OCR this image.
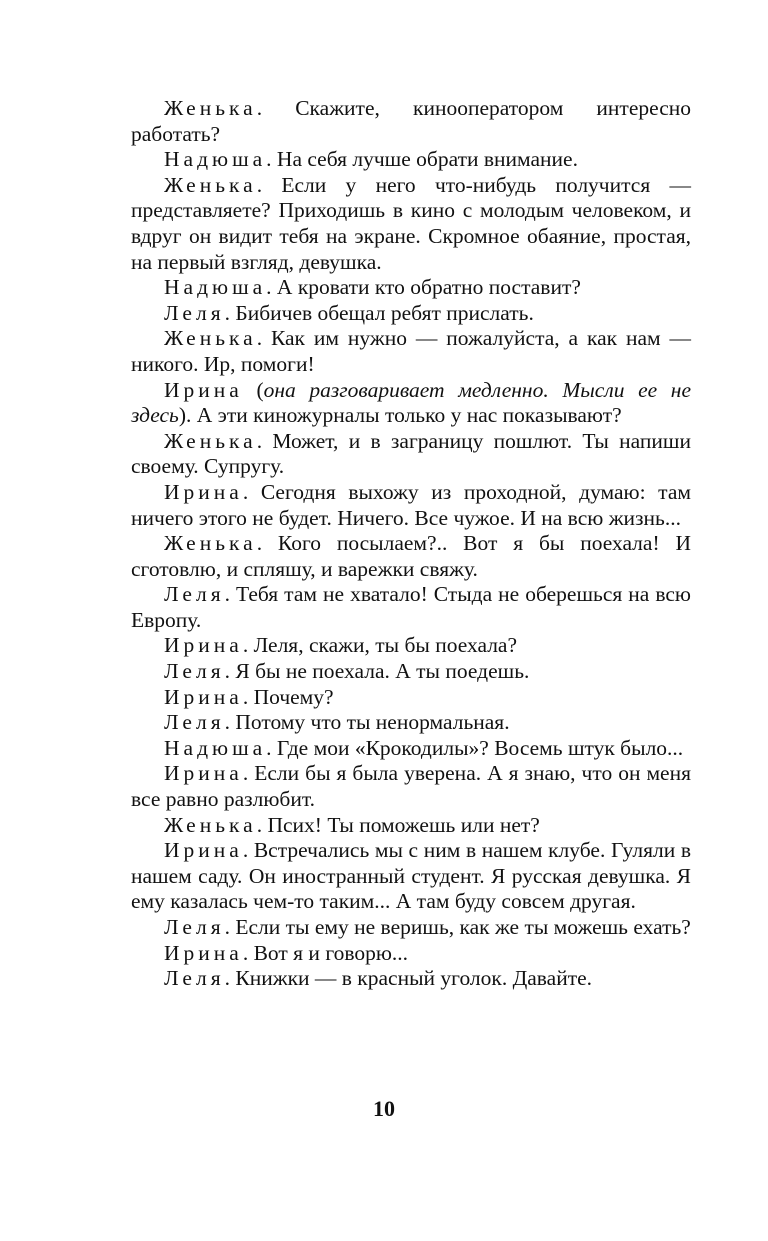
Женька. Скажите, кинооператором интересно работать?

Надюша. На себя лучше обрати внимание.

Женька. Если у него что-нибудь получится — представляете? Приходишь в кино с молодым человеком, и вдруг он видит тебя на экране. Скромное обаяние, простая, на первый взгляд, девушка.

Надюша. А кровати кто обратно поставит?

Леля. Бибичев обещал ребят прислать.

Женька. Как им нужно — пожалуйста, а как нам — никого. Ир, помоги!

Ирина (она разговаривает медленно. Мысли ее не здесь). А эти киножурналы только у нас показывают?

Женька. Может, и в заграницу пошлют. Ты напиши своему. Супругу.

Ирина. Сегодня выхожу из проходной, думаю: там ничего этого не будет. Ничего. Все чужое. И на всю жизнь...

Женька. Кого посылаем?.. Вот я бы поехала! И сготовлю, и спляшу, и варежки свяжу.

Леля. Тебя там не хватало! Стыда не оберешься на всю Европу.

Ирина. Леля, скажи, ты бы поехала?

Леля. Я бы не поехала. А ты поедешь.

Ирина. Почему?

Леля. Потому что ты ненормальная.

Надюша. Где мои «Крокодилы»? Восемь штук было...

Ирина. Если бы я была уверена. А я знаю, что он меня все равно разлюбит.

Женька. Псих! Ты поможешь или нет?

Ирина. Встречались мы с ним в нашем клубе. Гуляли в нашем саду. Он иностранный студент. Я русская девушка. Я ему казалась чем-то таким... А там буду совсем другая.

Леля. Если ты ему не веришь, как же ты можешь ехать?

Ирина. Вот я и говорю...

Леля. Книжки — в красный уголок. Давайте.

10
